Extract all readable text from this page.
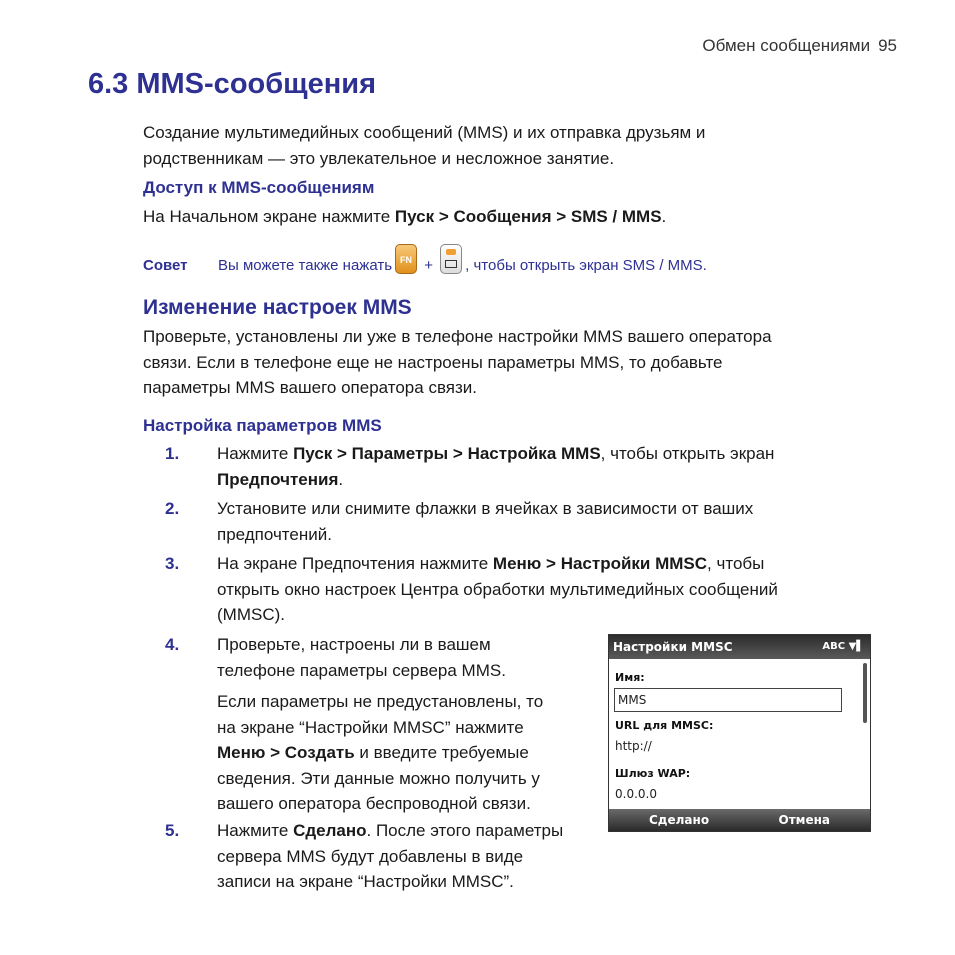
Обмен сообщениями 95
6.3 MMS-сообщения
Создание мультимедийных сообщений (MMS) и их отправка друзьям и
родственникам — это увлекательное и несложное занятие.
Доступ к MMS-сообщениям
На Начальном экране нажмите Пуск > Сообщения > SMS / MMS.
Совет	Вы можете также нажать FN + , чтобы открыть экран SMS / MMS.
Изменение настроек MMS
Проверьте, установлены ли уже в телефоне настройки MMS вашего оператора
связи. Если в телефоне еще не настроены параметры MMS, то добавьте
параметры MMS вашего оператора связи.
Настройка параметров MMS
1. Нажмите Пуск > Параметры > Настройка MMS, чтобы открыть экран
Предпочтения.
2. Установите или снимите флажки в ячейках в зависимости от ваших
предпочтений.
3. На экране Предпочтения нажмите Меню > Настройки MMSC, чтобы
открыть окно настроек Центра обработки мультимедийных сообщений
(MMSC).
4. Проверьте, настроены ли в вашем
телефоне параметры сервера MMS.
Если параметры не предустановлены, то
на экране “Настройки MMSC” нажмите
Меню > Создать и введите требуемые
сведения. Эти данные можно получить у
вашего оператора беспроводной связи.
5. Нажмите Сделано. После этого параметры
сервера MMS будут добавлены в виде
записи на экране “Настройки MMSC”.
Настройки MMSC	ABC ▼▌
Имя:
MMS
URL для MMSC:
http://
Шлюз WAP:
0.0.0.0
Сделано	Отмена
